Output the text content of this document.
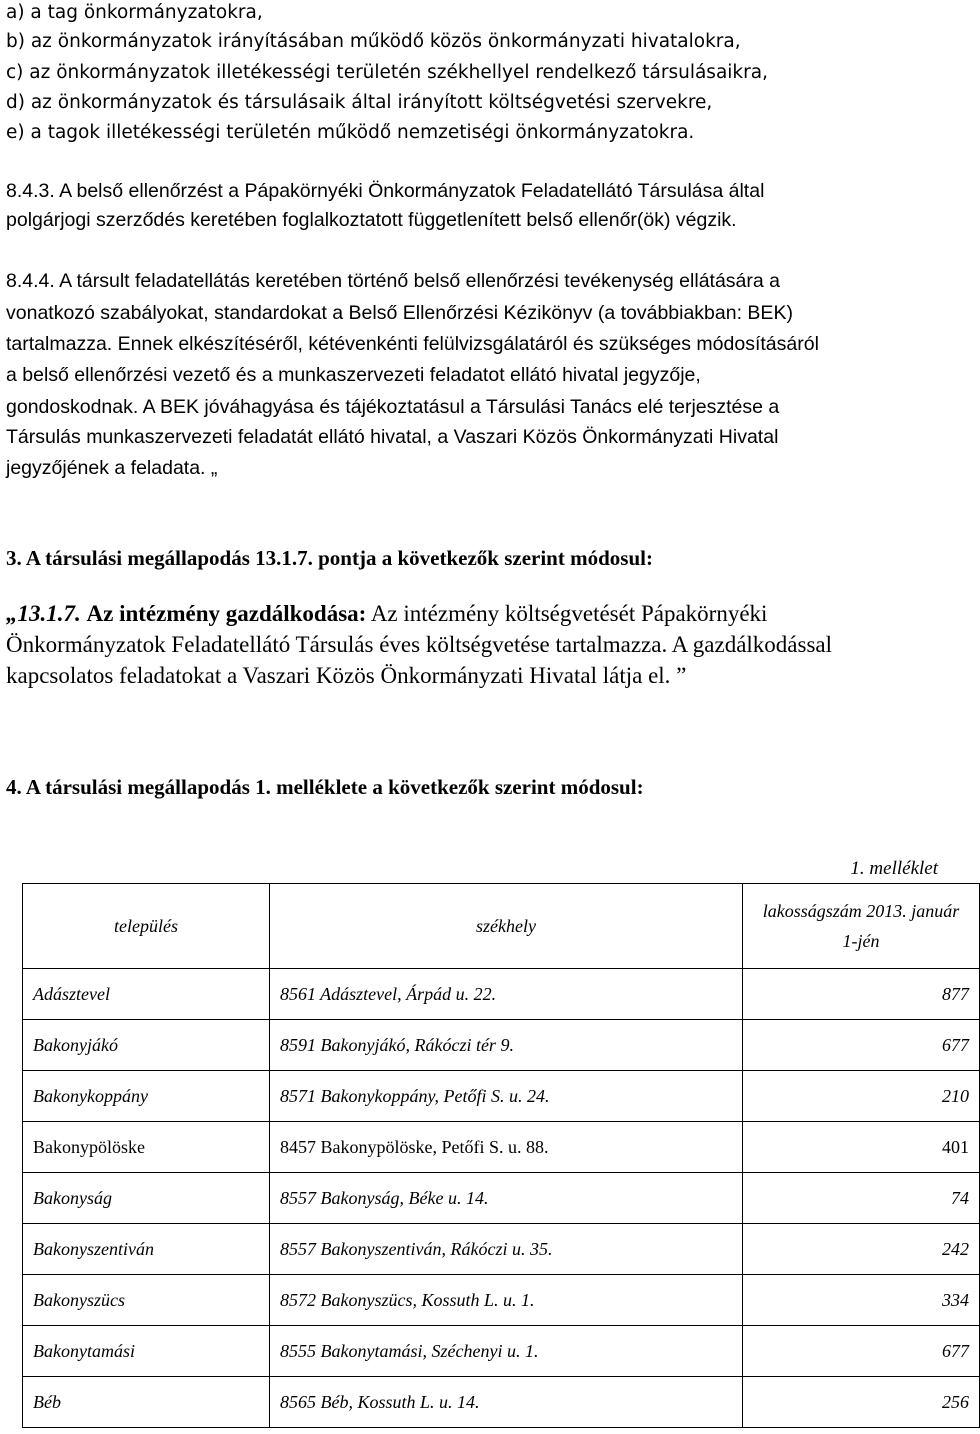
a) a tag önkormányzatokra,
b) az önkormányzatok irányításában működő közös önkormányzati hivatalokra,
c) az önkormányzatok illetékességi területén székhellyel rendelkező társulásaikra,
d) az önkormányzatok és társulásaik által irányított költségvetési szervekre,
e) a tagok illetékességi területén működő nemzetiségi önkormányzatokra.
8.4.3. A belső ellenőrzést a Pápakörnyéki Önkormányzatok Feladatellátó Társulása által
polgárjogi szerződés keretében foglalkoztatott függetlenített belső ellenőr(ök) végzik.
8.4.4. A társult feladatellátás keretében történő belső ellenőrzési tevékenység ellátására a
vonatkozó szabályokat, standardokat a Belső Ellenőrzési Kézikönyv (a továbbiakban: BEK)
tartalmazza. Ennek elkészítéséről, kétévenkénti felülvizsgálatáról és szükséges módosításáról
a belső ellenőrzési vezető és a munkaszervezeti feladatot ellátó hivatal jegyzője,
gondoskodnak. A BEK jóváhagyása és tájékoztatásul a Társulási Tanács elé terjesztése a
Társulás munkaszervezeti feladatát ellátó hivatal, a Vaszari Közös Önkormányzati Hivatal
jegyzőjének a feladata. „
3. A társulási megállapodás 13.1.7. pontja a következők szerint módosul:
„13.1.7. Az intézmény gazdálkodása: Az intézmény költségvetését Pápakörnyéki
Önkormányzatok Feladatellátó Társulás éves költségvetése tartalmazza. A gazdálkodással
kapcsolatos feladatokat a Vaszari Közös Önkormányzati Hivatal látja el. ”
4. A társulási megállapodás 1. melléklete a következők szerint módosul:
1. melléklet
település	székhely	lakosságszám 2013. január
1-jén
Adásztevel	8561 Adásztevel, Árpád u. 22.	877
Bakonyjákó	8591 Bakonyjákó, Rákóczi tér 9.	677
Bakonykoppány	8571 Bakonykoppány, Petőfi S. u. 24.	210
Bakonypölöske	8457 Bakonypölöske, Petőfi S. u. 88.	401
Bakonyság	8557 Bakonyság, Béke u. 14.	74
Bakonyszentiván	8557 Bakonyszentiván, Rákóczi u. 35.	242
Bakonyszücs	8572 Bakonyszücs, Kossuth L. u. 1.	334
Bakonytamási	8555 Bakonytamási, Széchenyi u. 1.	677
Béb	8565 Béb, Kossuth L. u. 14.	256
